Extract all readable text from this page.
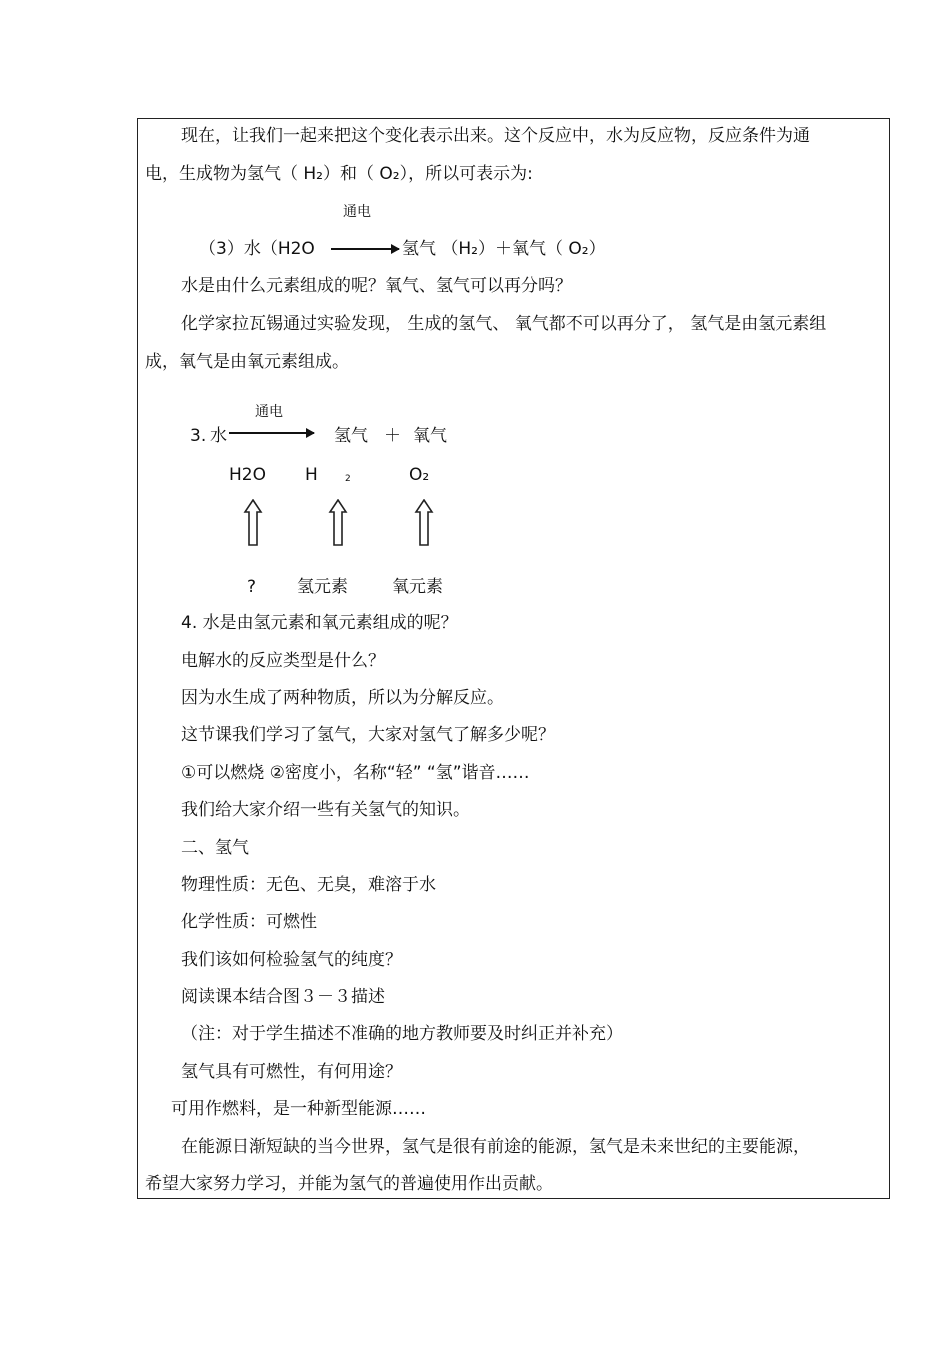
现在，让我们一起来把这个变化表示出来。这个反应中，水为反应物，反应条件为通
电，生成物为氢气（ H₂）和（ O₂），所以可表示为:
通电
（3）水（H2O	氢气 （H₂）＋氧气（ O₂）
水是由什么元素组成的呢？氧气、氢气可以再分吗？
化学家拉瓦锡通过实验发现， 生成的氢气、 氧气都不可以再分了， 氢气是由氢元素组
成，氧气是由氧元素组成。
通电
3. 水	氢气 ＋ 氧气
H2O H	2	O₂
? 氢元素	氧元素
4. 水是由氢元素和氧元素组成的呢？
电解水的反应类型是什么？
因为水生成了两种物质，所以为分解反应。
这节课我们学习了氢气，大家对氢气了解多少呢？
①可以燃烧 ②密度小，名称“轻” “氢”谐音……
我们给大家介绍一些有关氢气的知识。
二、氢气
物理性质：无色、无臭，难溶于水
化学性质：可燃性
我们该如何检验氢气的纯度？
阅读课本结合图３－３描述
（注：对于学生描述不准确的地方教师要及时纠正并补充）
氢气具有可燃性，有何用途？
可用作燃料，是一种新型能源……
在能源日渐短缺的当今世界，氢气是很有前途的能源，氢气是未来世纪的主要能源，
希望大家努力学习，并能为氢气的普遍使用作出贡献。
